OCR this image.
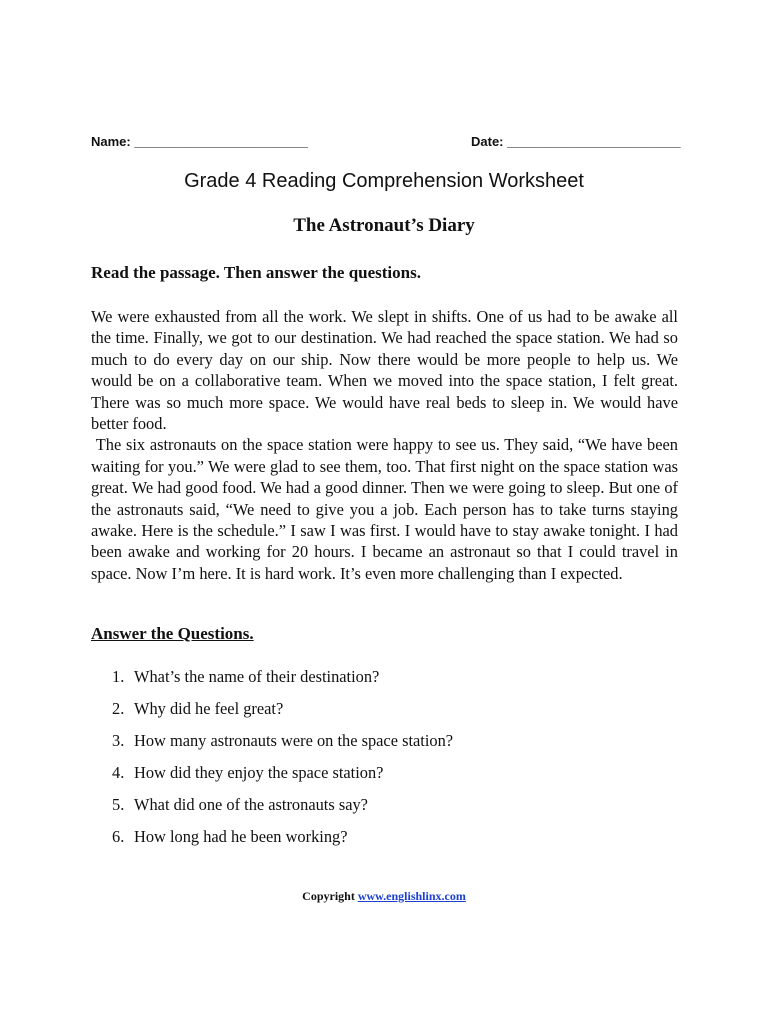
Name: ________________________	Date: ________________________
Grade 4 Reading Comprehension Worksheet
The Astronaut’s Diary
Read the passage. Then answer the questions.

We were exhausted from all the work. We slept in shifts. One of us had to be awake all the time. Finally, we got to our destination. We had reached the space station. We had so much to do every day on our ship. Now there would be more people to help us. We would be on a collaborative team. When we moved into the space station, I felt great. There was so much more space. We would have real beds to sleep in. We would have better food.

The six astronauts on the space station were happy to see us. They said, “We have been waiting for you.” We were glad to see them, too. That first night on the space station was great. We had good food. We had a good dinner. Then we were going to sleep. But one of the astronauts said, “We need to give you a job. Each person has to take turns staying awake. Here is the schedule.” I saw I was first. I would have to stay awake tonight. I had been awake and working for 20 hours. I became an astronaut so that I could travel in space. Now I’m here. It is hard work. It’s even more challenging than I expected.

Answer the Questions.
1. What’s the name of their destination?
2. Why did he feel great?
3. How many astronauts were on the space station?
4. How did they enjoy the space station?
5. What did one of the astronauts say?
6. How long had he been working?
Copyright www.englishlinx.com
